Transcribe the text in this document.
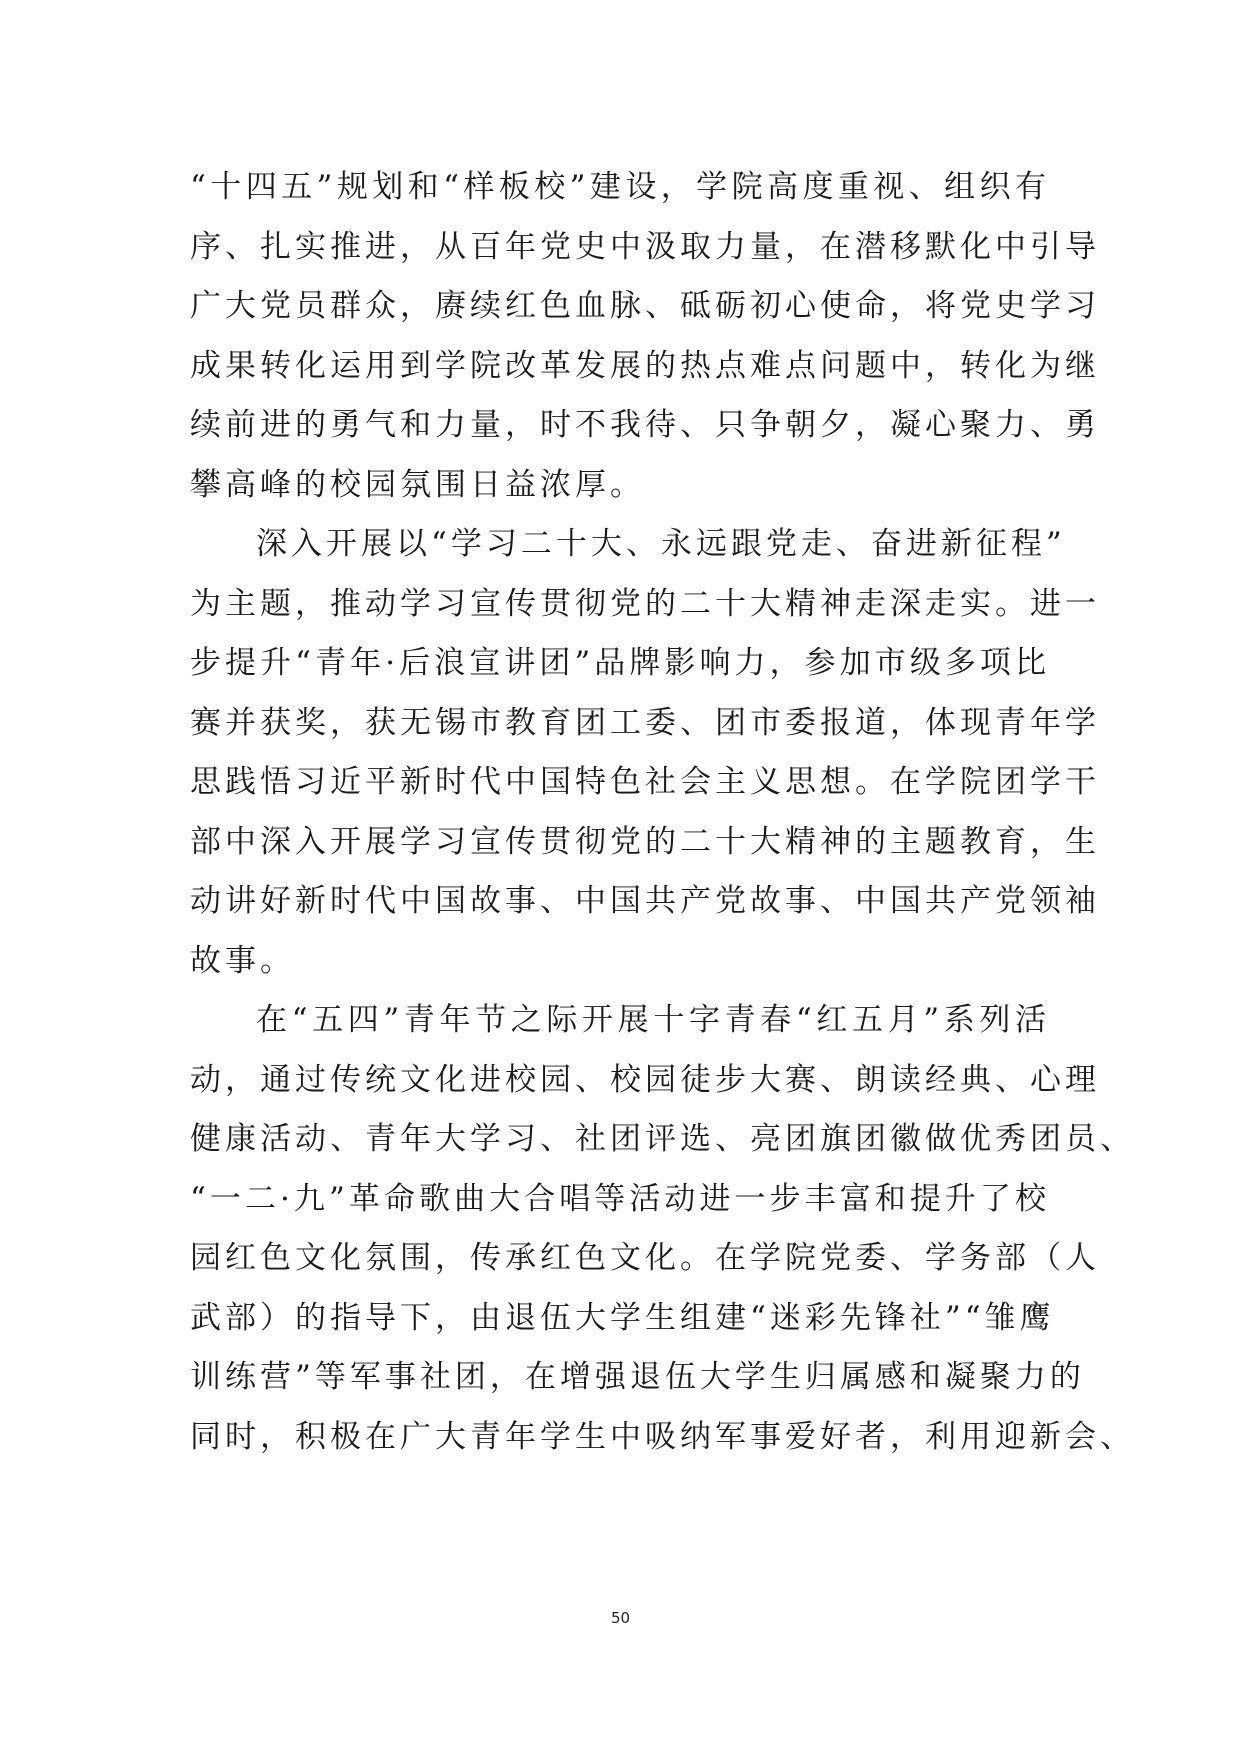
“十四五”规划和“样板校”建设，学院高度重视、组织有
序、扎实推进，从百年党史中汲取力量，在潜移默化中引导
广大党员群众，赓续红色血脉、砥砺初心使命，将党史学习
成果转化运用到学院改革发展的热点难点问题中，转化为继
续前进的勇气和力量，时不我待、只争朝夕，凝心聚力、勇
攀高峰的校园氛围日益浓厚。
深入开展以“学习二十大、永远跟党走、奋进新征程”
为主题，推动学习宣传贯彻党的二十大精神走深走实。进一
步提升“青年·后浪宣讲团”品牌影响力，参加市级多项比
赛并获奖，获无锡市教育团工委、团市委报道，体现青年学
思践悟习近平新时代中国特色社会主义思想。在学院团学干
部中深入开展学习宣传贯彻党的二十大精神的主题教育，生
动讲好新时代中国故事、中国共产党故事、中国共产党领袖
故事。
在“五四”青年节之际开展十字青春“红五月”系列活
动，通过传统文化进校园、校园徒步大赛、朗读经典、心理
健康活动、青年大学习、社团评选、亮团旗团徽做优秀团员、
“一二·九”革命歌曲大合唱等活动进一步丰富和提升了校
园红色文化氛围，传承红色文化。在学院党委、学务部（人
武部）的指导下，由退伍大学生组建“迷彩先锋社”“雏鹰
训练营”等军事社团，在增强退伍大学生归属感和凝聚力的
同时，积极在广大青年学生中吸纳军事爱好者，利用迎新会、
50
